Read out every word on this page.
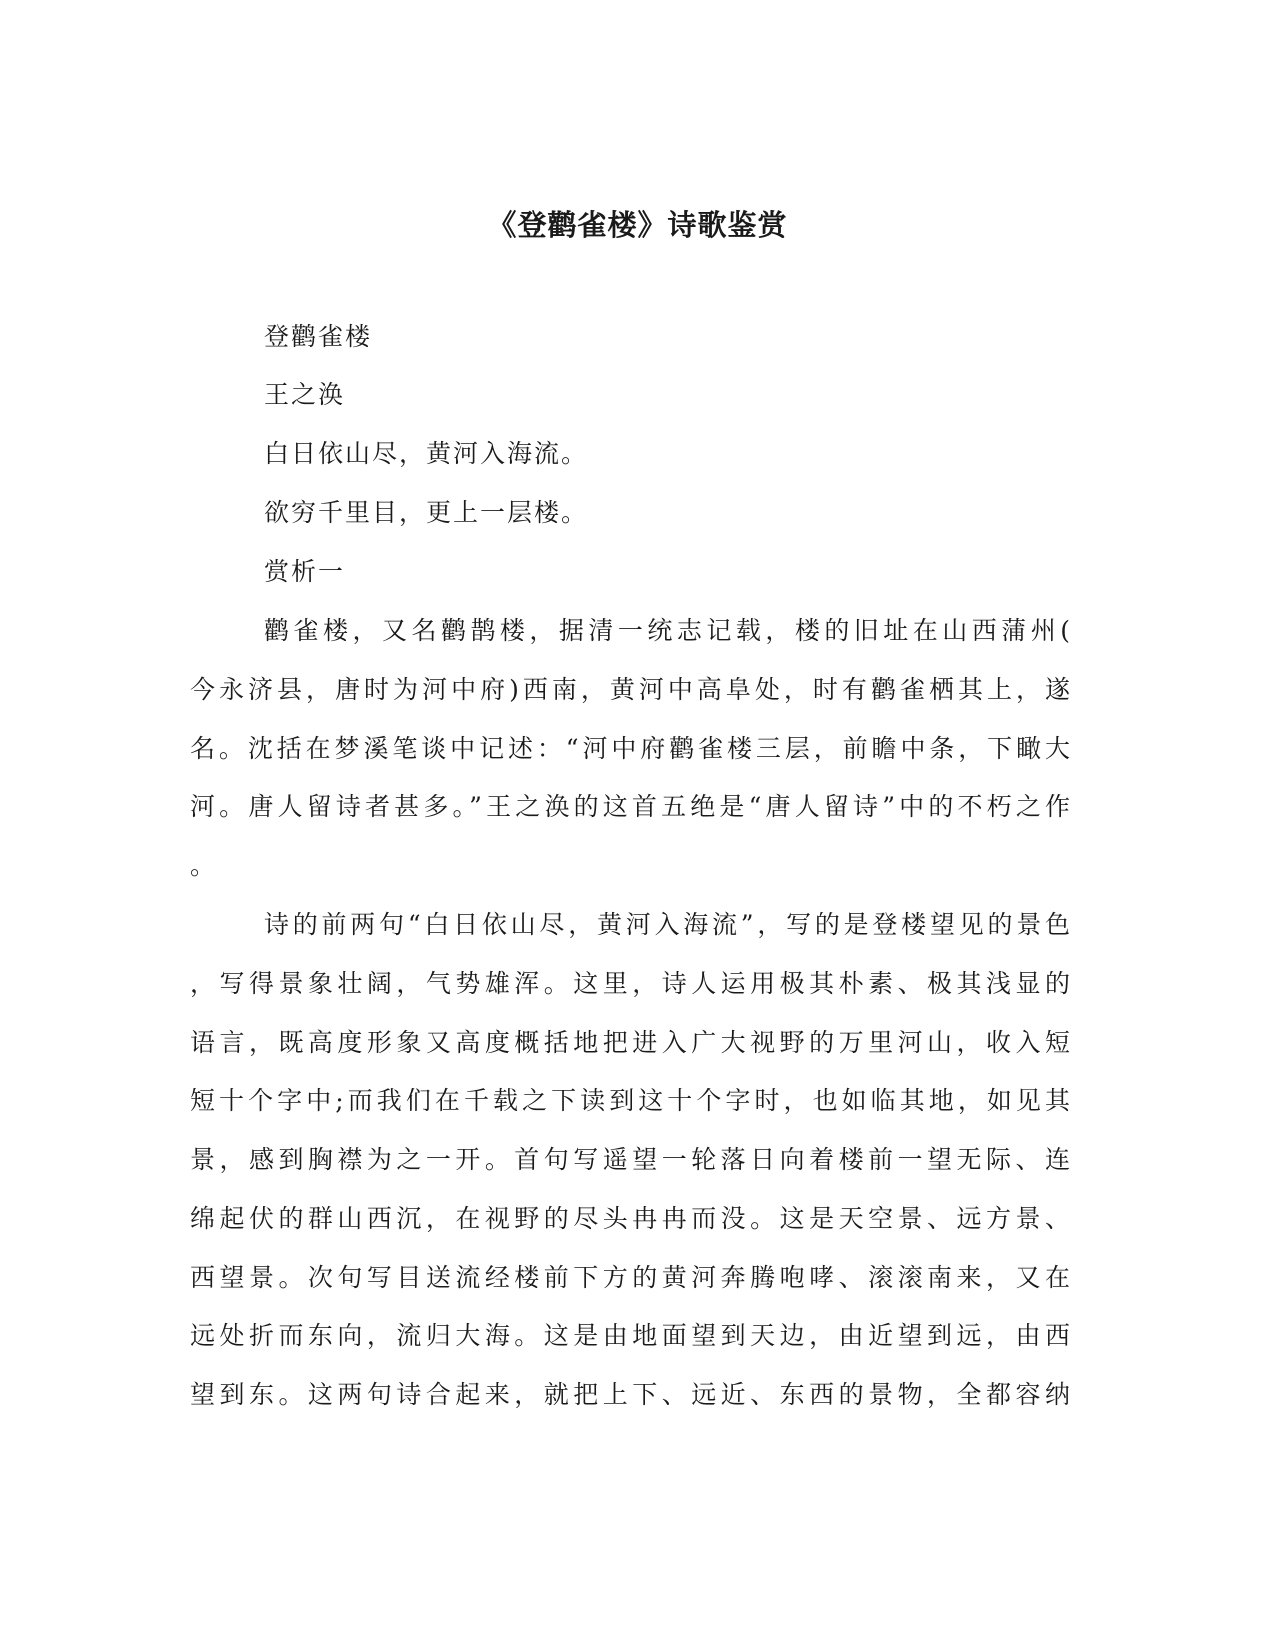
《登鹳雀楼》诗歌鉴赏

登鹳雀楼

王之涣

白日依山尽，黄河入海流。

欲穷千里目，更上一层楼。

赏析一

鹳雀楼，又名鹳鹊楼，据清一统志记载，楼的旧址在山西蒲州(

今永济县，唐时为河中府)西南，黄河中高阜处，时有鹳雀栖其上，遂

名。沈括在梦溪笔谈中记述：“河中府鹳雀楼三层，前瞻中条，下瞰大

河。唐人留诗者甚多。”王之涣的这首五绝是“唐人留诗”中的不朽之作

。

诗的前两句“白日依山尽，黄河入海流”，写的是登楼望见的景色

，写得景象壮阔，气势雄浑。这里，诗人运用极其朴素、极其浅显的

语言，既高度形象又高度概括地把进入广大视野的万里河山，收入短

短十个字中;而我们在千载之下读到这十个字时，也如临其地，如见其

景，感到胸襟为之一开。首句写遥望一轮落日向着楼前一望无际、连

绵起伏的群山西沉，在视野的尽头冉冉而没。这是天空景、远方景、

西望景。次句写目送流经楼前下方的黄河奔腾咆哮、滚滚南来，又在

远处折而东向，流归大海。这是由地面望到天边，由近望到远，由西

望到东。这两句诗合起来，就把上下、远近、东西的景物，全都容纳
